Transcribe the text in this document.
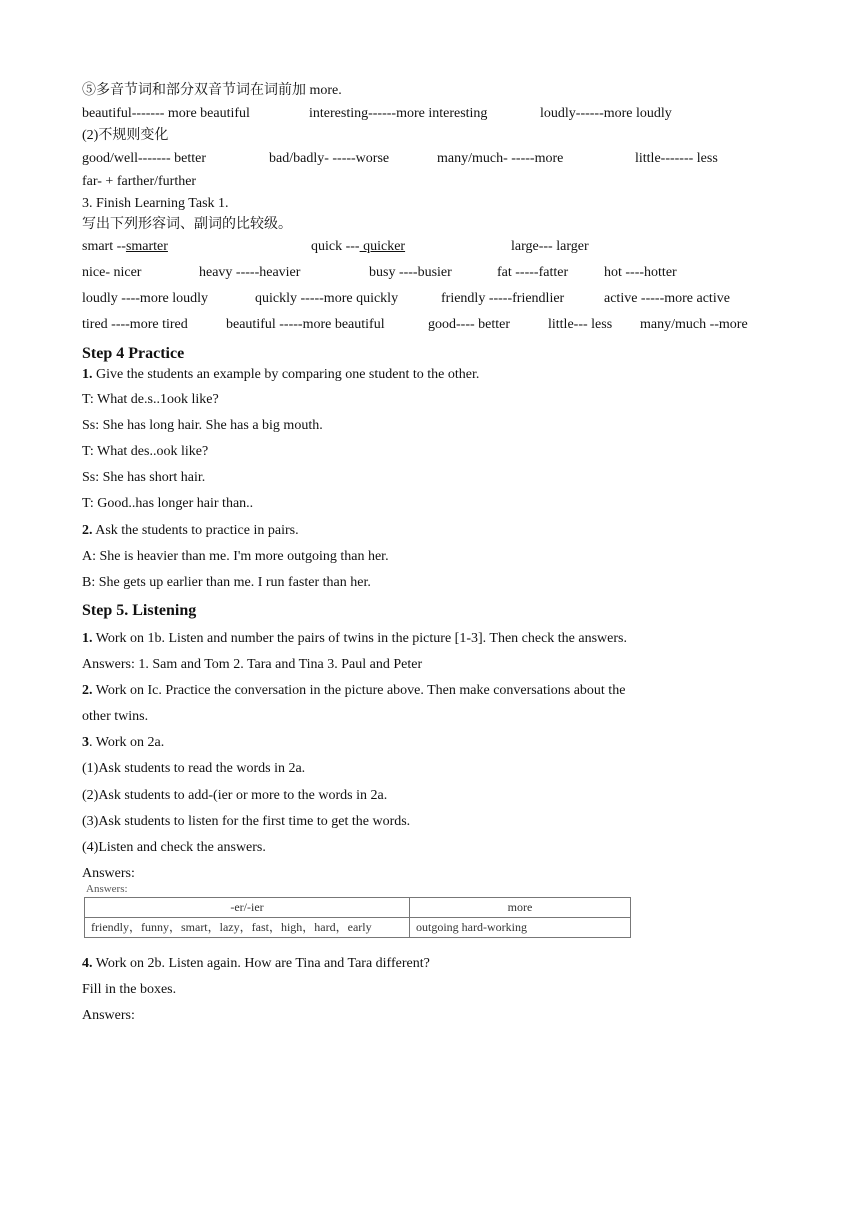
⑤多音节词和部分双音节词在词前加 more.
beautiful------- more beautiful	interesting------more interesting	loudly------more loudly
(2)不规则变化
good/well------- better	bad/badly- -----worse	many/much- -----more	little------- less
far- + farther/further
3. Finish Learning Task 1.
写出下列形容词、副词的比较级。
smart --smarter	quick --- quicker	large--- larger
nice- nicer	heavy -----heavier	busy ----busier	fat -----fatter	hot ----hotter
loudly ----more loudly	quickly -----more quickly	friendly -----friendlier	active -----more active
tired ----more tired	beautiful -----more beautiful	good---- better	little--- less many/much --more
Step 4 Practice
1. Give the students an example by comparing one student to the other.
T: What de.s..1ook like?
Ss: She has long hair. She has a big mouth.
T: What des..ook like?
Ss: She has short hair.
T: Good..has longer hair than..
2. Ask the students to practice in pairs.
A: She is heavier than me. I'm more outgoing than her.
B: She gets up earlier than me. I run faster than her.
Step 5. Listening
1. Work on 1b. Listen and number the pairs of twins in the picture [1-3]. Then check the answers.
Answers: 1. Sam and Tom 2. Tara and Tina 3. Paul and Peter
2. Work on Ic. Practice the conversation in the picture above. Then make conversations about the
other twins.
3. Work on 2a.
(1)Ask students to read the words in 2a.
(2)Ask students to add-(ier or more to the words in 2a.
(3)Ask students to listen for the first time to get the words.
(4)Listen and check the answers.
Answers:
Answers:
-er/-ier	more
friendly，funny，smart，lazy，fast，high，hard，early	outgoing hard-working
4. Work on 2b. Listen again. How are Tina and Tara different?
Fill in the boxes.
Answers:
